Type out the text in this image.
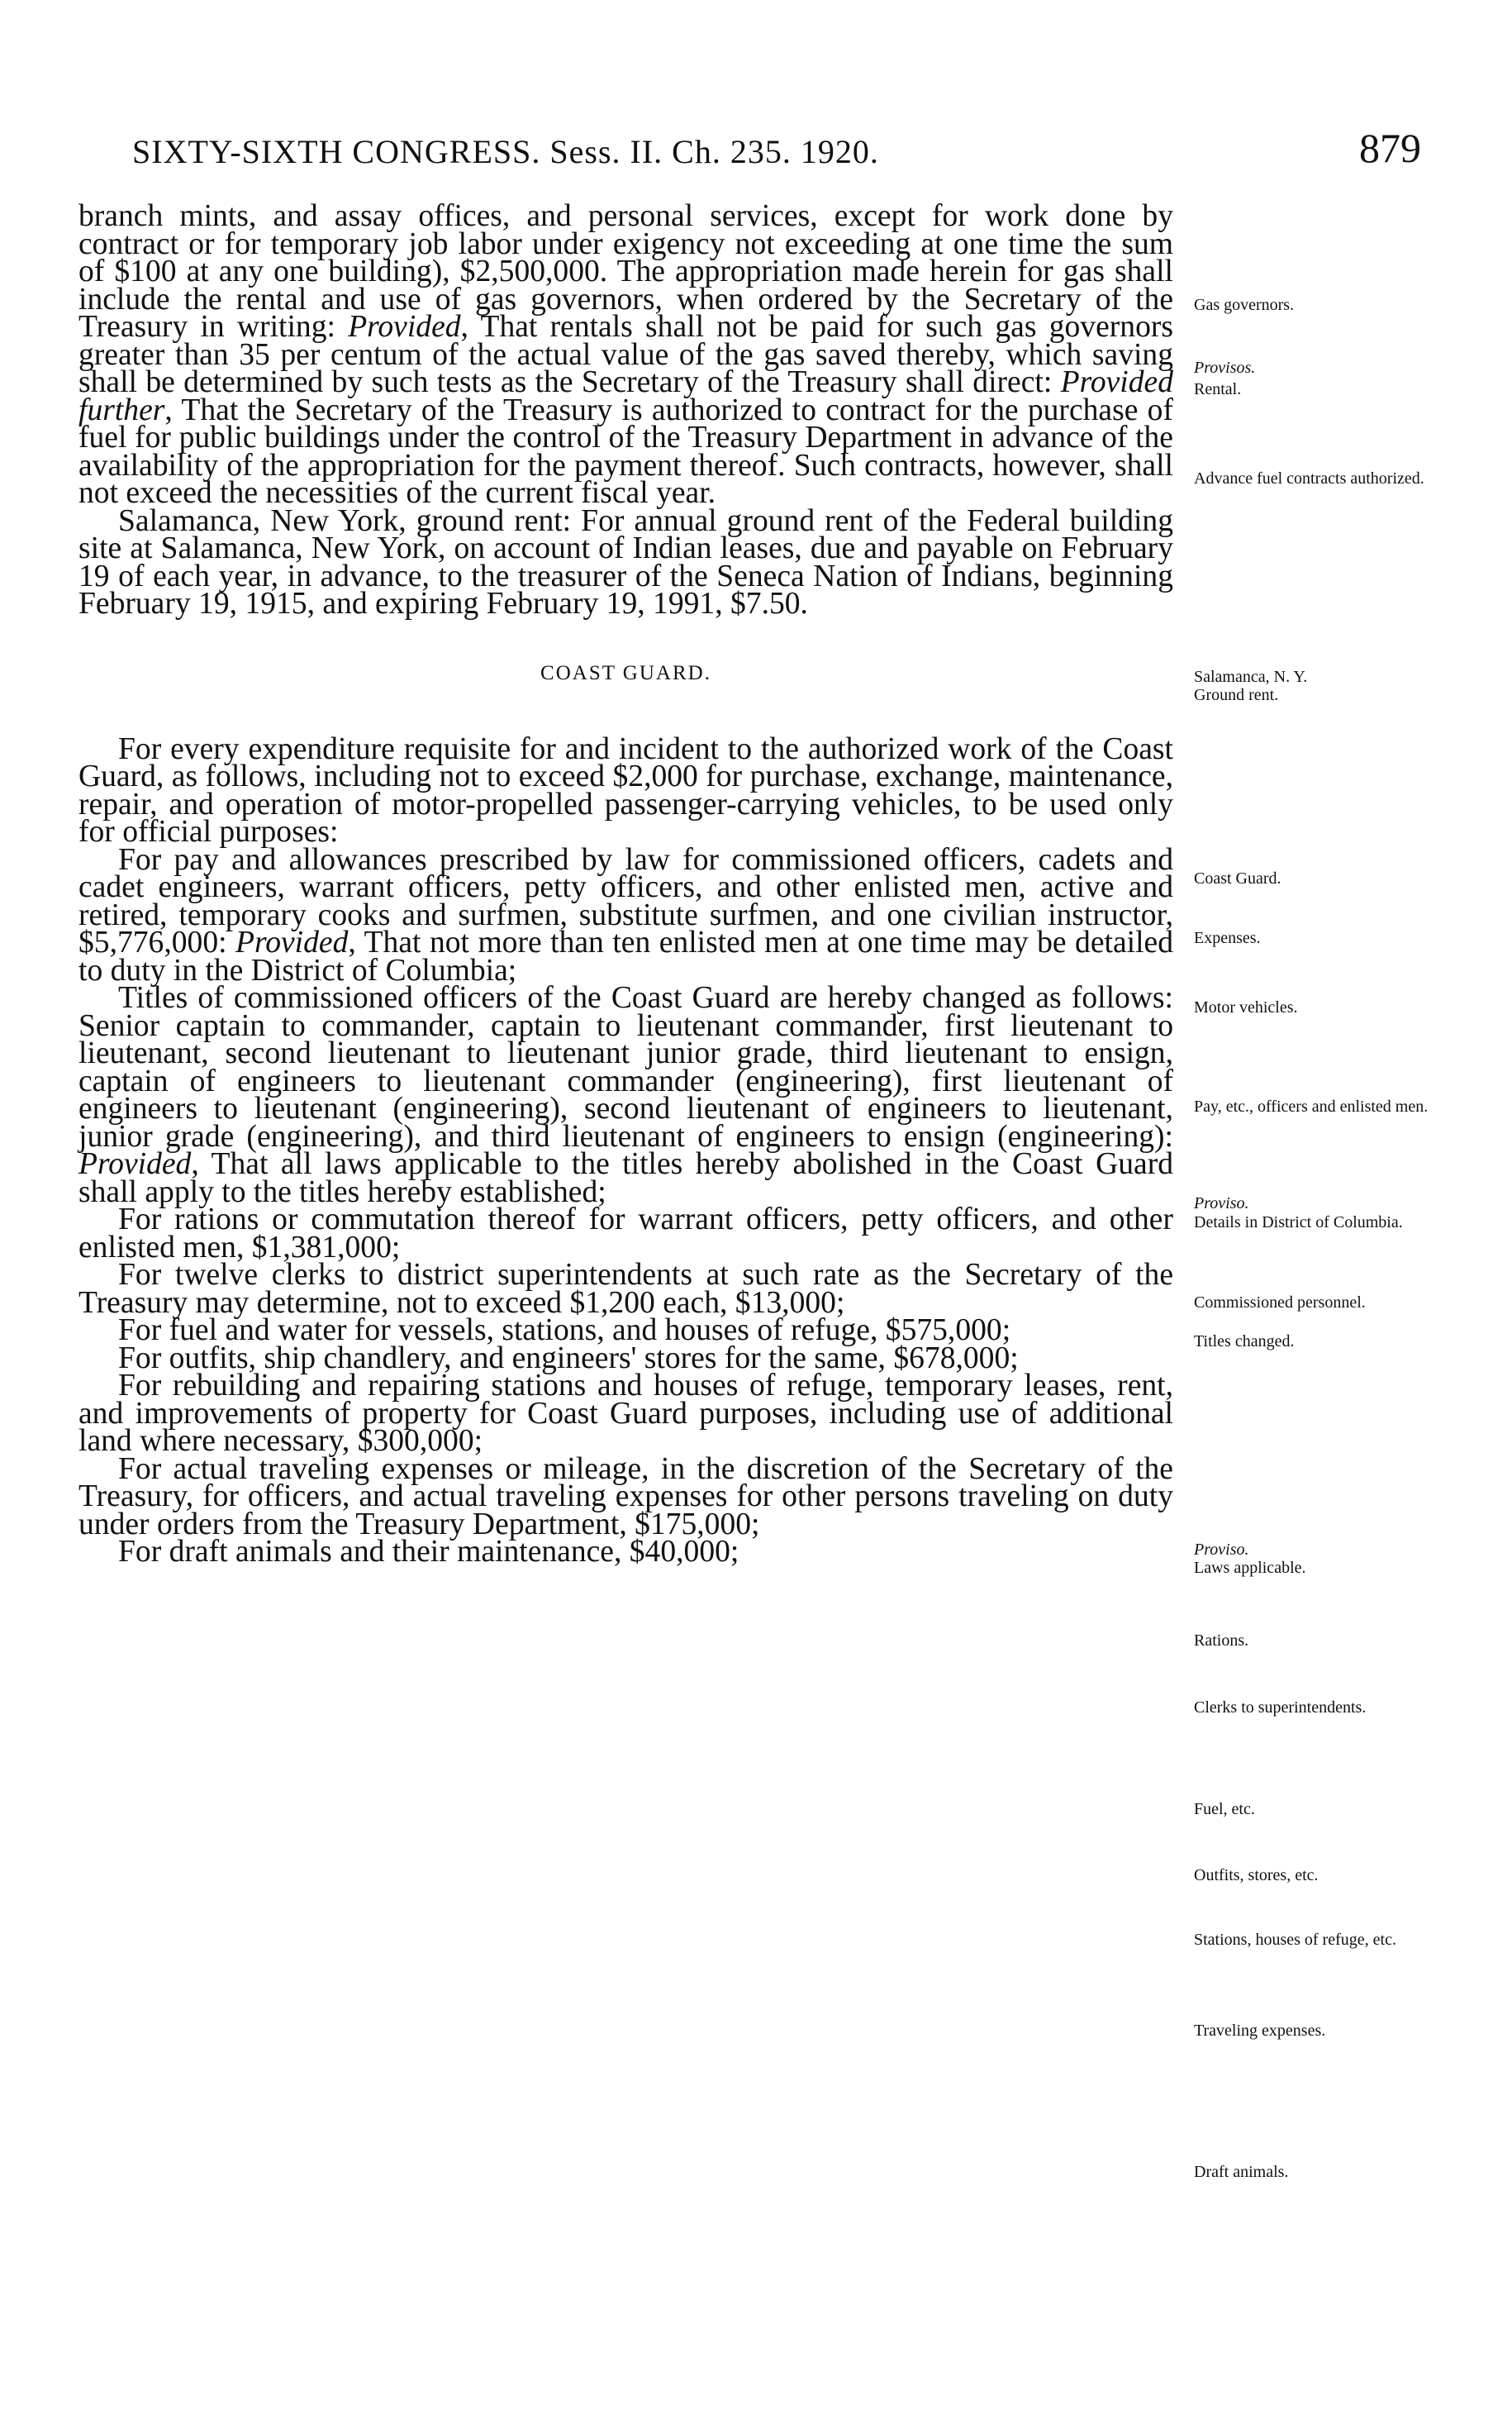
SIXTY-SIXTH CONGRESS. Sess. II. Ch. 235. 1920.	879

branch mints, and assay offices, and personal services, except for work done by contract or for temporary job labor under exigency not exceeding at one time the sum of $100 at any one building), $2,500,000. The appropriation made herein for gas shall include the rental and use of gas governors, when ordered by the Secretary of the Treasury in writing: Provided, That rentals shall not be paid for such gas governors greater than 35 per centum of the actual value of the gas saved thereby, which saving shall be determined by such tests as the Secretary of the Treasury shall direct: Provided further, That the Secretary of the Treasury is authorized to contract for the purchase of fuel for public buildings under the control of the Treasury Department in advance of the availability of the appropriation for the payment thereof. Such contracts, however, shall not exceed the necessities of the current fiscal year.

Salamanca, New York, ground rent: For annual ground rent of the Federal building site at Salamanca, New York, on account of Indian leases, due and payable on February 19 of each year, in advance, to the treasurer of the Seneca Nation of Indians, beginning February 19, 1915, and expiring February 19, 1991, $7.50.

COAST GUARD.

For every expenditure requisite for and incident to the authorized work of the Coast Guard, as follows, including not to exceed $2,000 for purchase, exchange, maintenance, repair, and operation of motor-propelled passenger-carrying vehicles, to be used only for official purposes:

For pay and allowances prescribed by law for commissioned officers, cadets and cadet engineers, warrant officers, petty officers, and other enlisted men, active and retired, temporary cooks and surfmen, substitute surfmen, and one civilian instructor, $5,776,000: Provided, That not more than ten enlisted men at one time may be detailed to duty in the District of Columbia;

Titles of commissioned officers of the Coast Guard are hereby changed as follows: Senior captain to commander, captain to lieutenant commander, first lieutenant to lieutenant, second lieutenant to lieutenant junior grade, third lieutenant to ensign, captain of engineers to lieutenant commander (engineering), first lieutenant of engineers to lieutenant (engineering), second lieutenant of engineers to lieutenant, junior grade (engineering), and third lieutenant of engineers to ensign (engineering): Provided, That all laws applicable to the titles hereby abolished in the Coast Guard shall apply to the titles hereby established;

For rations or commutation thereof for warrant officers, petty officers, and other enlisted men, $1,381,000;

For twelve clerks to district superintendents at such rate as the Secretary of the Treasury may determine, not to exceed $1,200 each, $13,000;

For fuel and water for vessels, stations, and houses of refuge, $575,000;

For outfits, ship chandlery, and engineers' stores for the same, $678,000;

For rebuilding and repairing stations and houses of refuge, temporary leases, rent, and improvements of property for Coast Guard purposes, including use of additional land where necessary, $300,000;

For actual traveling expenses or mileage, in the discretion of the Secretary of the Treasury, for officers, and actual traveling expenses for other persons traveling on duty under orders from the Treasury Department, $175,000;

For draft animals and their maintenance, $40,000;

Gas governors.
Provisos.
Rental.
Advance fuel contracts authorized.
Salamanca, N. Y.
Ground rent.
Coast Guard.
Expenses.
Motor vehicles.
Pay, etc., officers and enlisted men.
Proviso.
Details in District of Columbia.
Commissioned personnel.
Titles changed.
Proviso.
Laws applicable.
Rations.
Clerks to superintendents.
Fuel, etc.
Outfits, stores, etc.
Stations, houses of refuge, etc.
Traveling expenses.
Draft animals.
